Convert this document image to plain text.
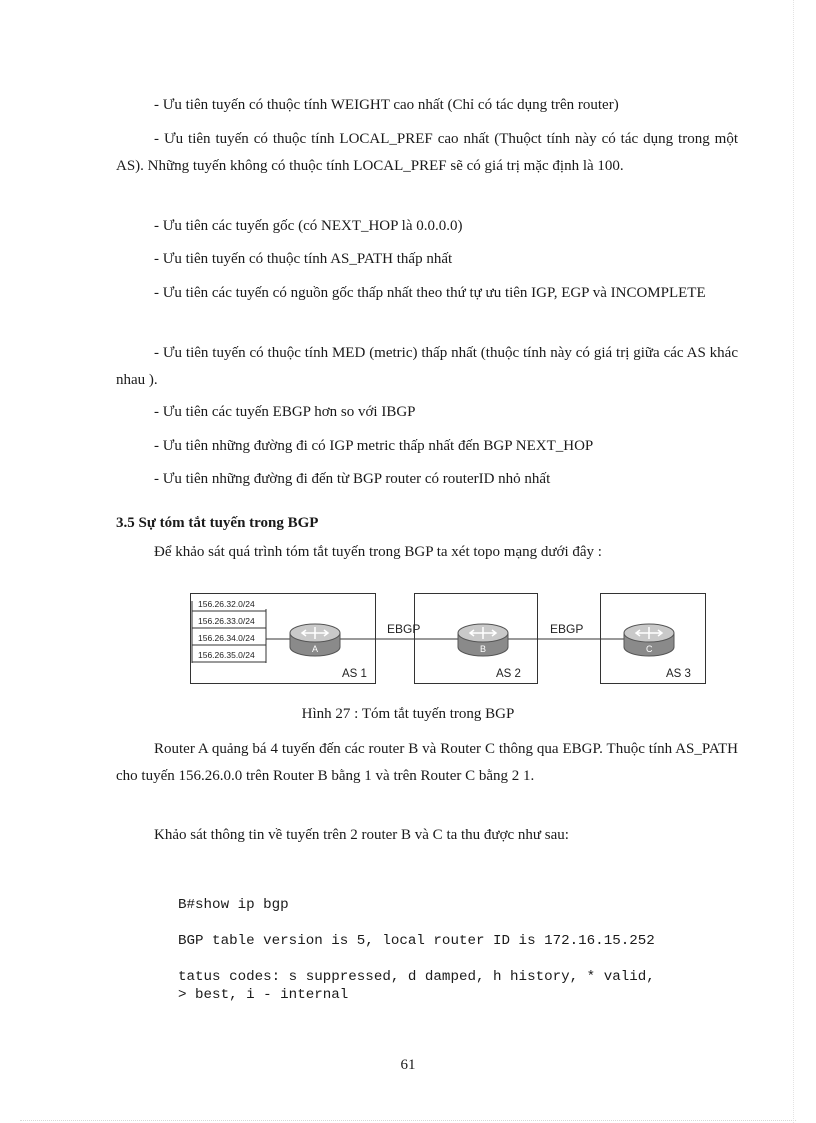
- Ưu tiên tuyến có thuộc tính WEIGHT cao nhất (Chỉ có tác dụng trên router)
- Ưu tiên tuyến có thuộc tính LOCAL_PREF cao nhất (Thuộct tính này có tác dụng trong một AS). Những tuyến không có thuộc tính LOCAL_PREF sẽ có giá trị mặc định là 100.
- Ưu tiên các tuyến gốc (có NEXT_HOP là 0.0.0.0)
- Ưu tiên tuyến có thuộc tính AS_PATH thấp nhất
- Ưu tiên các tuyến có nguồn gốc thấp nhất theo thứ tự ưu tiên IGP, EGP và INCOMPLETE
- Ưu tiên tuyến có thuộc tính MED (metric) thấp nhất (thuộc tính này có giá trị giữa các AS khác nhau ).
- Ưu tiên các tuyến EBGP hơn so với IBGP
- Ưu tiên những đường đi có IGP metric thấp nhất đến BGP NEXT_HOP
- Ưu tiên những đường đi đến từ BGP router có routerID nhỏ nhất
3.5 Sự tóm tắt tuyến trong BGP
Để khảo sát quá trình tóm tắt tuyến trong BGP ta xét topo mạng dưới đây :
156.26.32.0/24
156.26.33.0/24
156.26.34.0/24
156.26.35.0/24
EBGP	EBGP
A	B	C
AS 1	AS 2	AS 3
Hình 27 : Tóm tắt tuyến trong BGP
Router A quảng bá 4 tuyến đến các router B và Router C thông qua EBGP. Thuộc tính AS_PATH cho tuyến 156.26.0.0 trên Router B bằng 1 và trên Router C bằng 2 1.
Khảo sát thông tin về tuyến trên 2 router B và C ta thu được như sau:
B#show ip bgp
BGP table version is 5, local router ID is 172.16.15.252
tatus codes: s suppressed, d damped, h history, * valid,
> best, i - internal
61
